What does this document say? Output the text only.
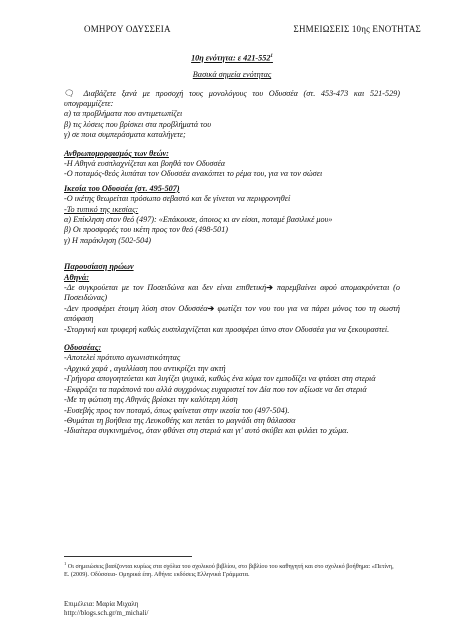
ΟΜΗΡΟΥ ΟΔΥΣΣΕΙΑ	ΣΗΜΕΙΩΣΕΙΣ 10ης ΕΝΟΤΗΤΑΣ
10η ενότητα: ε $421-552^1$
Βασικά σημεία ενότητας

🗨 Διαβάζετε ξανά με προσοχή τους μονολόγους του Οδυσσέα (στ. 453-473 και 521-529) υπογραμμίζετε:

α) τα προβλήματα που αντιμετωπίζει

β) τις λύσεις που βρίσκει στα προβλήματά του

γ) σε ποια συμπεράσματα καταλήγετε;

Ανθρωπομορφισμός των θεών:

-Η Αθηνά ευσπλαχνίζεται και βοηθά τον Οδυσσέα

-Ο ποταμός-θεός λυπάται τον Οδυσσέα ανακόπτει το ρέμα του, για να τον σώσει

Ικεσία του Οδυσσέα (στ. 495-507)

-Ο ικέτης θεωρείται πρόσωπο σεβαστό και δε γίνεται να περιφρονηθεί

-Το τυπικό της ικεσίας:

α) Επίκληση στον θεό (497): «Επάκουσε, όποιος κι αν είσαι, ποταμέ βασιλικέ μου»

β) Οι προσφορές του ικέτη προς τον θεό (498-501)

γ) Η παράκληση (502-504)

Παρουσίαση ηρώων

Αθηνά:

-Δε συγκρούεται με τον Ποσειδώνα και δεν είναι επιθετική➔ παρεμβαίνει αφού απομακρύνεται (ο Ποσειδώνας)

-Δεν προσφέρει έτοιμη λύση στον Οδυσσέα➔ φωτίζει τον νου του για να πάρει μόνος του τη σωστή απόφαση

-Στοργική και τρυφερή καθώς ευσπλαχνίζεται και προσφέρει ύπνο στον Οδυσσέα για να ξεκουραστεί.

Οδυσσέας:

-Αποτελεί πρότυπο αγωνιστικότητας

-Αρχικά χαρά , αγαλλίαση που αντικρίζει την ακτή

-Γρήγορα απογοητεύεται και λυγίζει ψυχικά, καθώς ένα κύμα τον εμποδίζει να φτάσει στη στεριά

-Εκφράζει τα παράπονά του αλλά συγχρόνως ευχαριστεί τον Δία που τον αξίωσε να δει στεριά

-Με τη φώτιση της Αθηνάς βρίσκει την καλύτερη λύση

-Ευσεβής προς τον ποταμό, όπως φαίνεται στην ικεσία του (497-504).

-Θυμάται τη βοήθεια της Λευκοθέης και πετάει το μαγνάδι στη θάλασσα

-Ιδιαίτερα συγκινημένος, όταν φθάνει στη στεριά και γι' αυτό σκύβει και φιλάει το χώμα.

$^1$ Οι σημειώσεις βασίζονται κυρίως στα σχόλια του σχολικού βιβλίου, στο βιβλίου του καθηγητή και στο σχολικό βοήθημα: «Πετίνη, Ε. (2009). Οδύσσεια- Ομηρικά έπη. Αθήνα: εκδόσεις Ελληνικά Γράμματα.
Επιμέλεια: Μαρία Μιχαλη
http://blogs.sch.gr/m_michali/
